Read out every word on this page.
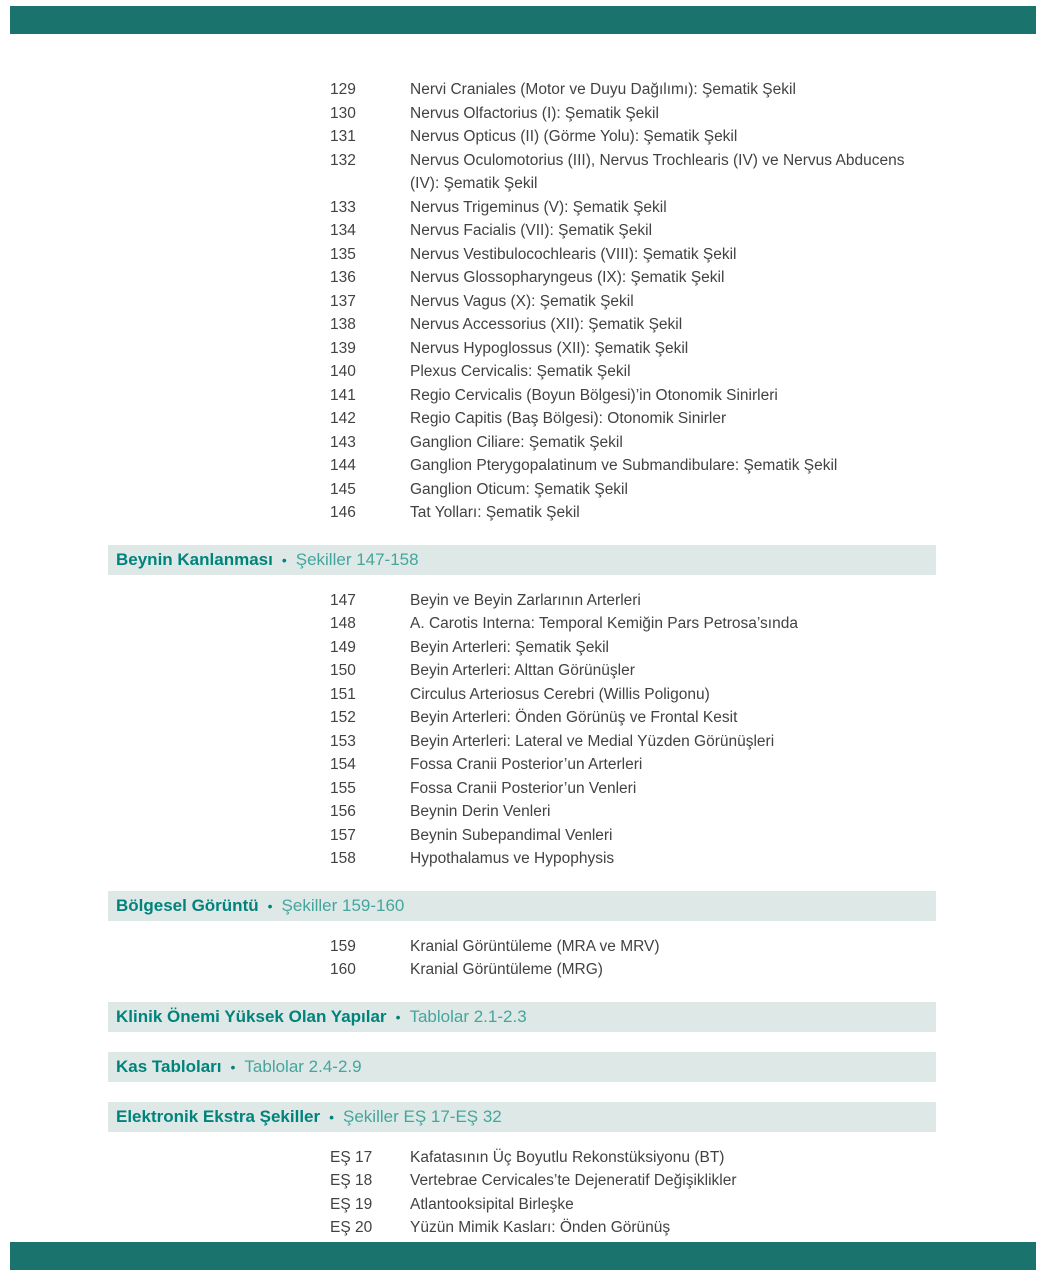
129	Nervi Craniales (Motor ve Duyu Dağılımı): Şematik Şekil
130	Nervus Olfactorius (I): Şematik Şekil
131	Nervus Opticus (II) (Görme Yolu): Şematik Şekil
132	Nervus Oculomotorius (III), Nervus Trochlearis (IV) ve Nervus Abducens (IV): Şematik Şekil
133	Nervus Trigeminus (V): Şematik Şekil
134	Nervus Facialis (VII): Şematik Şekil
135	Nervus Vestibulocochlearis (VIII): Şematik Şekil
136	Nervus Glossopharyngeus (IX): Şematik Şekil
137	Nervus Vagus (X): Şematik Şekil
138	Nervus Accessorius (XII): Şematik Şekil
139	Nervus Hypoglossus (XII): Şematik Şekil
140	Plexus Cervicalis: Şematik Şekil
141	Regio Cervicalis (Boyun Bölgesi)’in Otonomik Sinirleri
142	Regio Capitis (Baş Bölgesi): Otonomik Sinirler
143	Ganglion Ciliare: Şematik Şekil
144	Ganglion Pterygopalatinum ve Submandibulare: Şematik Şekil
145	Ganglion Oticum: Şematik Şekil
146	Tat Yolları: Şematik Şekil
Beynin Kanlanması • Şekiller 147-158
147	Beyin ve Beyin Zarlarının Arterleri
148	A. Carotis Interna: Temporal Kemiğin Pars Petrosa’sında
149	Beyin Arterleri: Şematik Şekil
150	Beyin Arterleri: Alttan Görünüşler
151	Circulus Arteriosus Cerebri (Willis Poligonu)
152	Beyin Arterleri: Önden Görünüş ve Frontal Kesit
153	Beyin Arterleri: Lateral ve Medial Yüzden Görünüşleri
154	Fossa Cranii Posterior’un Arterleri
155	Fossa Cranii Posterior’un Venleri
156	Beynin Derin Venleri
157	Beynin Subepandimal Venleri
158	Hypothalamus ve Hypophysis
Bölgesel Görüntü • Şekiller 159-160
159	Kranial Görüntüleme (MRA ve MRV)
160	Kranial Görüntüleme (MRG)
Klinik Önemi Yüksek Olan Yapılar • Tablolar 2.1-2.3
Kas Tabloları • Tablolar 2.4-2.9
Elektronik Ekstra Şekiller • Şekiller EŞ 17-EŞ 32
EŞ 17	Kafatasının Üç Boyutlu Rekonstüksiyonu (BT)
EŞ 18	Vertebrae Cervicales’te Dejeneratif Değişiklikler
EŞ 19	Atlantooksipital Birleşke
EŞ 20	Yüzün Mimik Kasları: Önden Görünüş
